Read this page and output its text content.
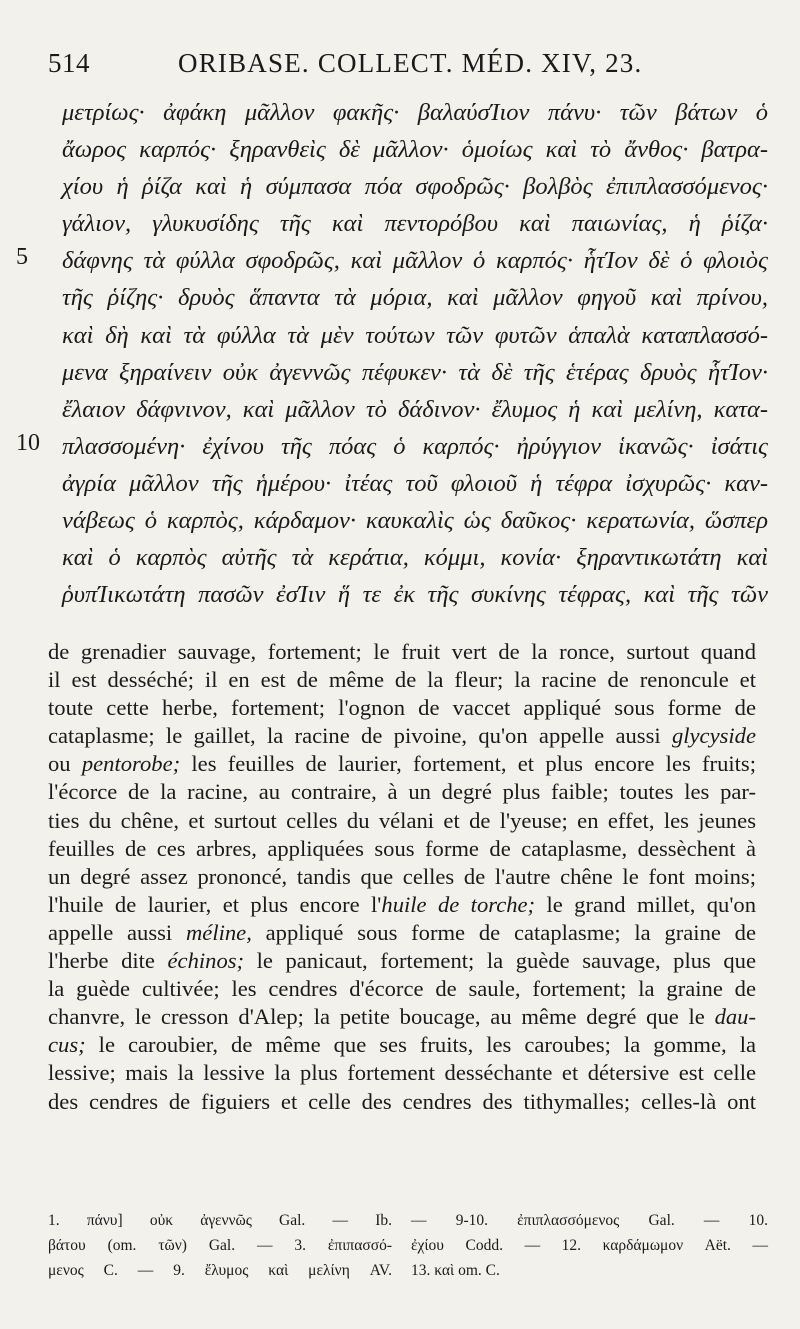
514	ORIBASE. COLLECT. MÉD. XIV, 23.
5
10
μετρίως· ἀφάκη μᾶλλον φακῆς· βαλαύσΊιον πάνυ· τῶν βάτων ὁ
ἄωρος καρπός· ξηρανθεὶς δὲ μᾶλλον· ὁμοίως καὶ τὸ ἄνθος· βατρα-
χίου ἡ ῥίζα καὶ ἡ σύμπασα πόα σφοδρῶς· βολβὸς ἐπιπλασσόμενος·
γάλιον, γλυκυσίδης τῆς καὶ πεντορόβου καὶ παιωνίας, ἡ ῥίζα·
δάφνης τὰ φύλλα σφοδρῶς, καὶ μᾶλλον ὁ καρπός· ἧτΊον δὲ ὁ φλοιὸς
τῆς ῥίζης· δρυὸς ἅπαντα τὰ μόρια, καὶ μᾶλλον φηγοῦ καὶ πρίνου,
καὶ δὴ καὶ τὰ φύλλα τὰ μὲν τούτων τῶν φυτῶν ἁπαλὰ καταπλασσό-
μενα ξηραίνειν οὐκ ἀγεννῶς πέφυκεν· τὰ δὲ τῆς ἑτέρας δρυὸς ἧτΊον·
ἔλαιον δάφνινον, καὶ μᾶλλον τὸ δάδινον· ἔλυμος ἡ καὶ μελίνη, κατα-
πλασσομένη· ἐχίνου τῆς πόας ὁ καρπός· ἠρύγγιον ἱκανῶς· ἰσάτις
ἀγρία μᾶλλον τῆς ἡμέρου· ἰτέας τοῦ φλοιοῦ ἡ τέφρα ἰσχυρῶς· καν-
νάβεως ὁ καρπὸς, κάρδαμον· καυκαλὶς ὡς δαῦκος· κερατωνία, ὥσπερ
καὶ ὁ καρπὸς αὐτῆς τὰ κεράτια, κόμμι, κονία· ξηραντικωτάτη καὶ
ῥυπΊικωτάτη πασῶν ἐσΊιν ἥ τε ἐκ τῆς συκίνης τέφρας, καὶ τῆς τῶν
de grenadier sauvage, fortement; le fruit vert de la ronce, surtout quand
il est desséché; il en est de même de la fleur; la racine de renoncule et
toute cette herbe, fortement; l'ognon de vaccet appliqué sous forme de
cataplasme; le gaillet, la racine de pivoine, qu'on appelle aussi glycyside
ou pentorobe; les feuilles de laurier, fortement, et plus encore les fruits;
l'écorce de la racine, au contraire, à un degré plus faible; toutes les par-
ties du chêne, et surtout celles du vélani et de l'yeuse; en effet, les jeunes
feuilles de ces arbres, appliquées sous forme de cataplasme, dessèchent à
un degré assez prononcé, tandis que celles de l'autre chêne le font moins;
l'huile de laurier, et plus encore l'huile de torche; le grand millet, qu'on
appelle aussi méline, appliqué sous forme de cataplasme; la graine de
l'herbe dite échinos; le panicaut, fortement; la guède sauvage, plus que
la guède cultivée; les cendres d'écorce de saule, fortement; la graine de
chanvre, le cresson d'Alep; la petite boucage, au même degré que le dau-
cus; le caroubier, de même que ses fruits, les caroubes; la gomme, la
lessive; mais la lessive la plus fortement desséchante et détersive est celle
des cendres de figuiers et celle des cendres des tithymalles; celles-là ont
1. πάνυ] οὐκ ἀγεννῶς Gal. — Ib.
βάτου (om. τῶν) Gal. — 3. ἐπιπασσό-
μενος C. — 9. ἔλυμος καὶ μελίνη AV.
— 9-10. ἐπιπλασσόμενος Gal. — 10.
ἐχίου Codd. — 12. καρδάμωμον Aët. —
13. καὶ om. C.
